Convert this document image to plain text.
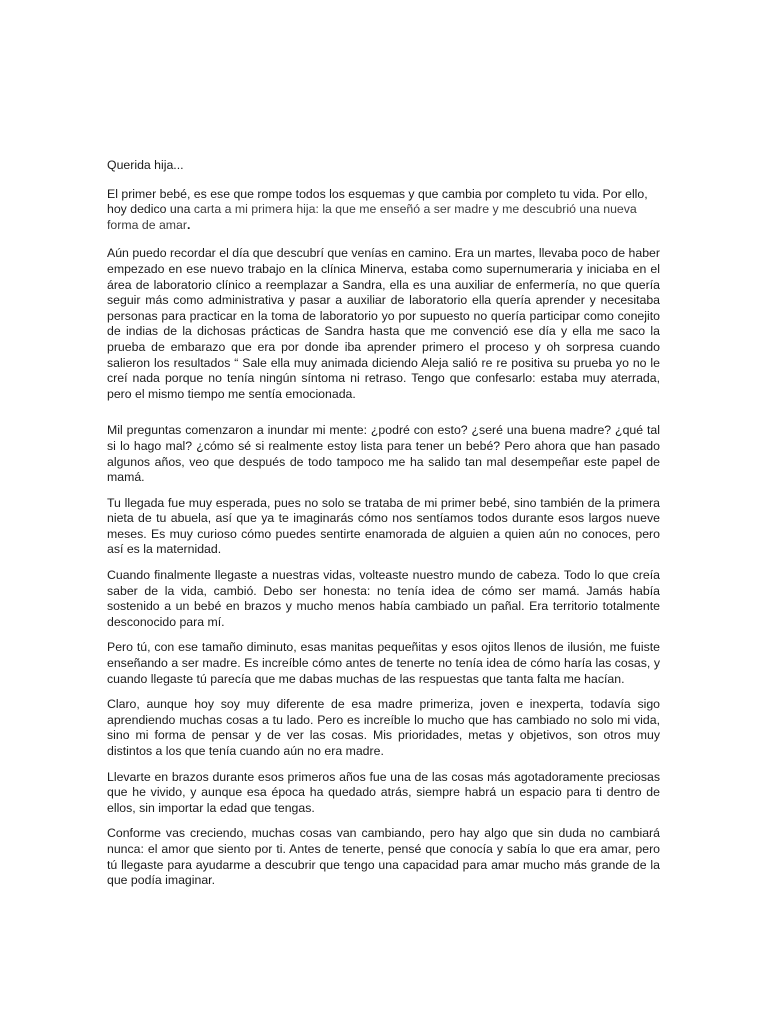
Querida hija...

El primer bebé, es ese que rompe todos los esquemas y que cambia por completo tu vida. Por ello, hoy dedico una carta a mi primera hija: la que me enseñó a ser madre y me descubrió una nueva forma de amar.

Aún puedo recordar el día que descubrí que venías en camino. Era un martes, llevaba poco de haber empezado en ese nuevo trabajo en la clínica Minerva, estaba como supernumeraria y iniciaba en el área de laboratorio clínico a reemplazar a Sandra, ella es una auxiliar de enfermería, no que quería seguir más como administrativa y pasar a auxiliar de laboratorio ella quería aprender y necesitaba personas para practicar en la toma de laboratorio yo por supuesto no quería participar como conejito de indias de la dichosas prácticas de Sandra hasta que me convenció ese día y ella me saco la prueba de embarazo que era por donde iba aprender primero el proceso y oh sorpresa cuando salieron los resultados “ Sale ella muy animada diciendo Aleja salió re re positiva su prueba yo no le creí nada porque no tenía ningún síntoma ni retraso. Tengo que confesarlo: estaba muy aterrada, pero el mismo tiempo me sentía emocionada.

Mil preguntas comenzaron a inundar mi mente: ¿podré con esto? ¿seré una buena madre? ¿qué tal si lo hago mal? ¿cómo sé si realmente estoy lista para tener un bebé? Pero ahora que han pasado algunos años, veo que después de todo tampoco me ha salido tan mal desempeñar este papel de mamá.

Tu llegada fue muy esperada, pues no solo se trataba de mi primer bebé, sino también de la primera nieta de tu abuela, así que ya te imaginarás cómo nos sentíamos todos durante esos largos nueve meses. Es muy curioso cómo puedes sentirte enamorada de alguien a quien aún no conoces, pero así es la maternidad.

Cuando finalmente llegaste a nuestras vidas, volteaste nuestro mundo de cabeza. Todo lo que creía saber de la vida, cambió. Debo ser honesta: no tenía idea de cómo ser mamá. Jamás había sostenido a un bebé en brazos y mucho menos había cambiado un pañal. Era territorio totalmente desconocido para mí.

Pero tú, con ese tamaño diminuto, esas manitas pequeñitas y esos ojitos llenos de ilusión, me fuiste enseñando a ser madre. Es increíble cómo antes de tenerte no tenía idea de cómo haría las cosas, y cuando llegaste tú parecía que me dabas muchas de las respuestas que tanta falta me hacían.

Claro, aunque hoy soy muy diferente de esa madre primeriza, joven e inexperta, todavía sigo aprendiendo muchas cosas a tu lado. Pero es increíble lo mucho que has cambiado no solo mi vida, sino mi forma de pensar y de ver las cosas. Mis prioridades, metas y objetivos, son otros muy distintos a los que tenía cuando aún no era madre.

Llevarte en brazos durante esos primeros años fue una de las cosas más agotadoramente preciosas que he vivido, y aunque esa época ha quedado atrás, siempre habrá un espacio para ti dentro de ellos, sin importar la edad que tengas.

Conforme vas creciendo, muchas cosas van cambiando, pero hay algo que sin duda no cambiará nunca: el amor que siento por ti. Antes de tenerte, pensé que conocía y sabía lo que era amar, pero tú llegaste para ayudarme a descubrir que tengo una capacidad para amar mucho más grande de la que podía imaginar.
